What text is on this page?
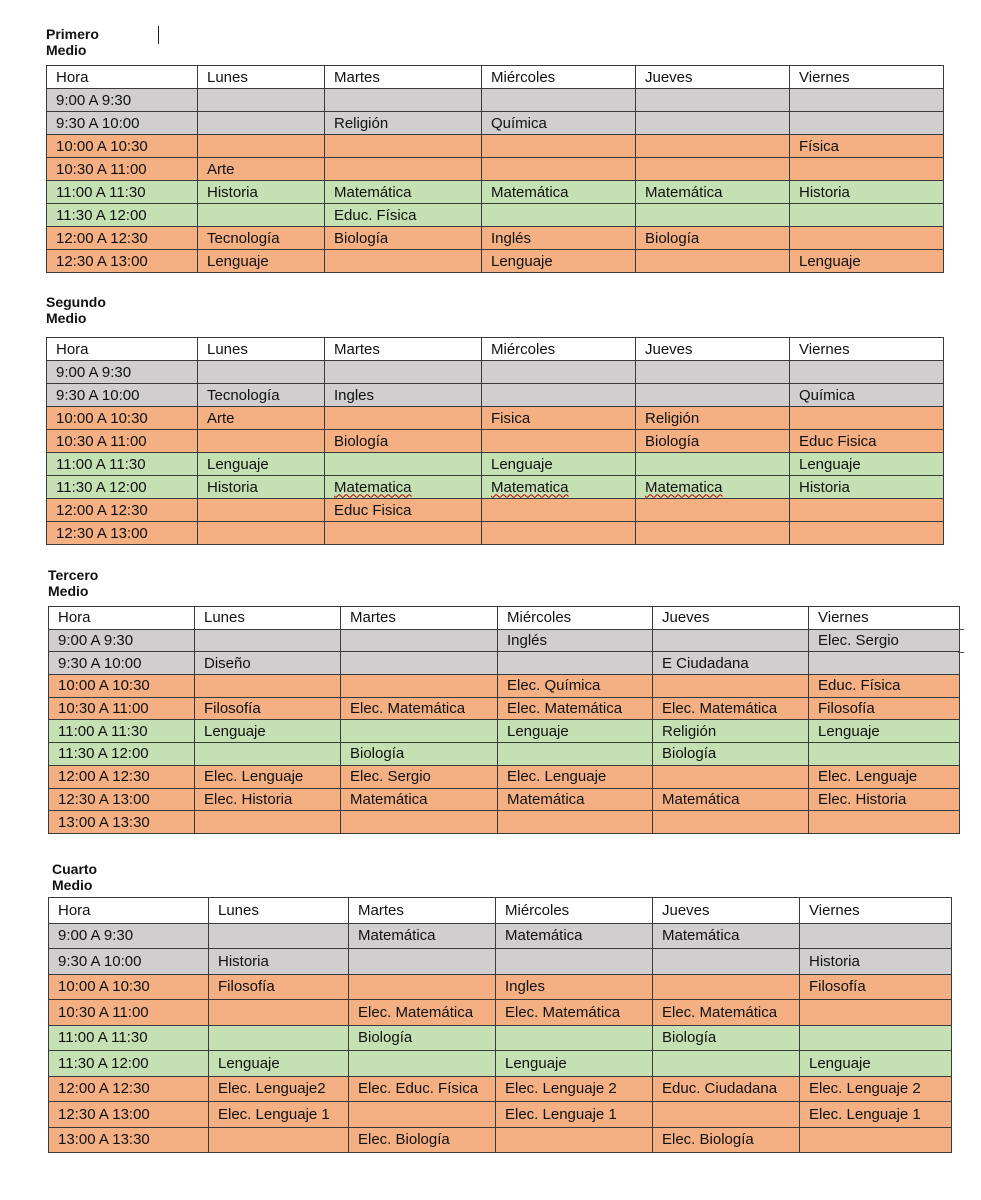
Primero Medio
Hora	Lunes	Martes	Miércoles	Jueves	Viernes
9:00 A 9:30					
9:30 A 10:00		Religión	Química		
10:00 A 10:30					Física
10:30 A 11:00	Arte				
11:00 A 11:30	Historia	Matemática	Matemática	Matemática	Historia
11:30 A 12:00		Educ. Física			
12:00 A 12:30	Tecnología	Biología	Inglés	Biología	
12:30 A 13:00	Lenguaje		Lenguaje		Lenguaje
Segundo Medio
Hora	Lunes	Martes	Miércoles	Jueves	Viernes
9:00 A 9:30					
9:30 A 10:00	Tecnología	Ingles			Química
10:00 A 10:30	Arte		Fisica	Religión	
10:30 A 11:00		Biología		Biología	Educ Fisica
11:00 A 11:30	Lenguaje		Lenguaje		Lenguaje
11:30 A 12:00	Historia	Matematica	Matematica	Matematica	Historia
12:00 A 12:30		Educ Fisica			
12:30 A 13:00					
Tercero Medio
Hora	Lunes	Martes	Miércoles	Jueves	Viernes
9:00 A 9:30			Inglés		Elec. Sergio
9:30 A 10:00	Diseño			E Ciudadana	
10:00 A 10:30			Elec. Química		Educ. Física
10:30 A 11:00	Filosofía	Elec. Matemática	Elec. Matemática	Elec. Matemática	Filosofía
11:00 A 11:30	Lenguaje		Lenguaje	Religión	Lenguaje
11:30 A 12:00		Biología		Biología	
12:00 A 12:30	Elec. Lenguaje	Elec. Sergio	Elec. Lenguaje		Elec. Lenguaje
12:30 A 13:00	Elec. Historia	Matemática	Matemática	Matemática	Elec. Historia
13:00 A 13:30					
Cuarto Medio
Hora	Lunes	Martes	Miércoles	Jueves	Viernes
9:00 A 9:30		Matemática	Matemática	Matemática	
9:30 A 10:00	Historia				Historia
10:00 A 10:30	Filosofía		Ingles		Filosofía
10:30 A 11:00		Elec. Matemática	Elec. Matemática	Elec. Matemática	
11:00 A 11:30		Biología		Biología	
11:30 A 12:00	Lenguaje		Lenguaje		Lenguaje
12:00 A 12:30	Elec. Lenguaje2	Elec. Educ. Física	Elec. Lenguaje 2	Educ. Ciudadana	Elec. Lenguaje 2
12:30 A 13:00	Elec. Lenguaje 1		Elec. Lenguaje 1		Elec. Lenguaje 1
13:00 A 13:30		Elec. Biología		Elec. Biología	
